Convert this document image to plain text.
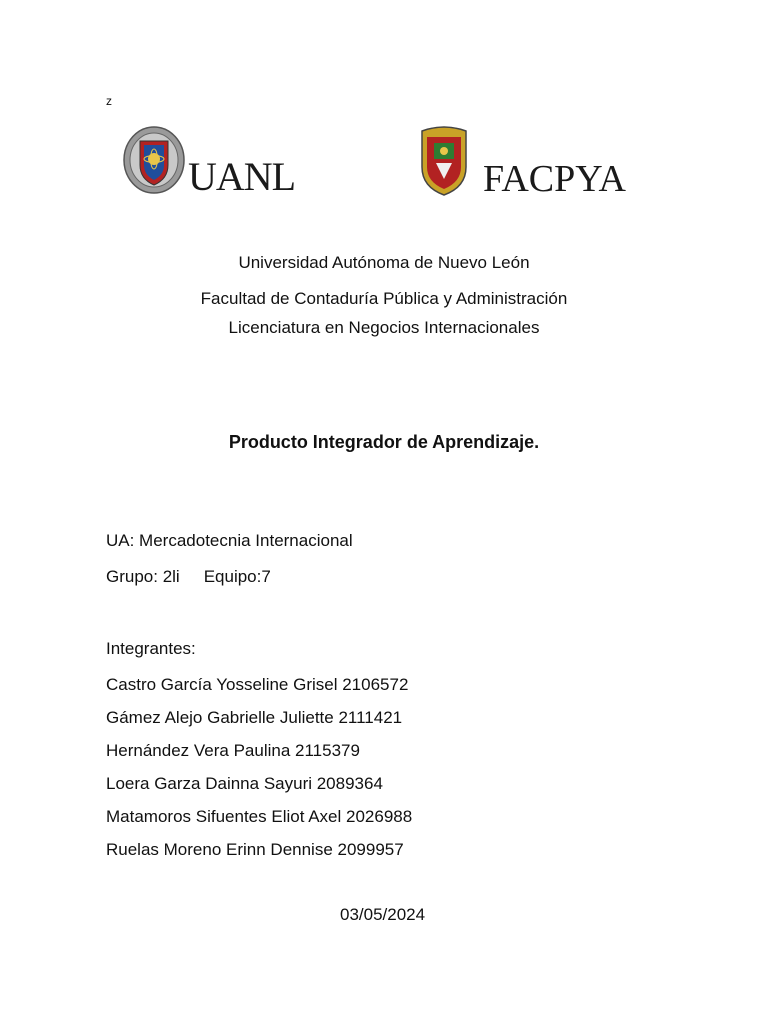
z
UANL	FACPYA
Universidad Autónoma de Nuevo León
Facultad de Contaduría Pública y Administración
Licenciatura en Negocios Internacionales
Producto Integrador de Aprendizaje.
UA: Mercadotecnia Internacional
Grupo: 2li Equipo:7
Integrantes:
Castro García Yosseline Grisel 2106572
Gámez Alejo Gabrielle Juliette 2111421
Hernández Vera Paulina 2115379
Loera Garza Dainna Sayuri 2089364
Matamoros Sifuentes Eliot Axel 2026988
Ruelas Moreno Erinn Dennise 2099957
03/05/2024
